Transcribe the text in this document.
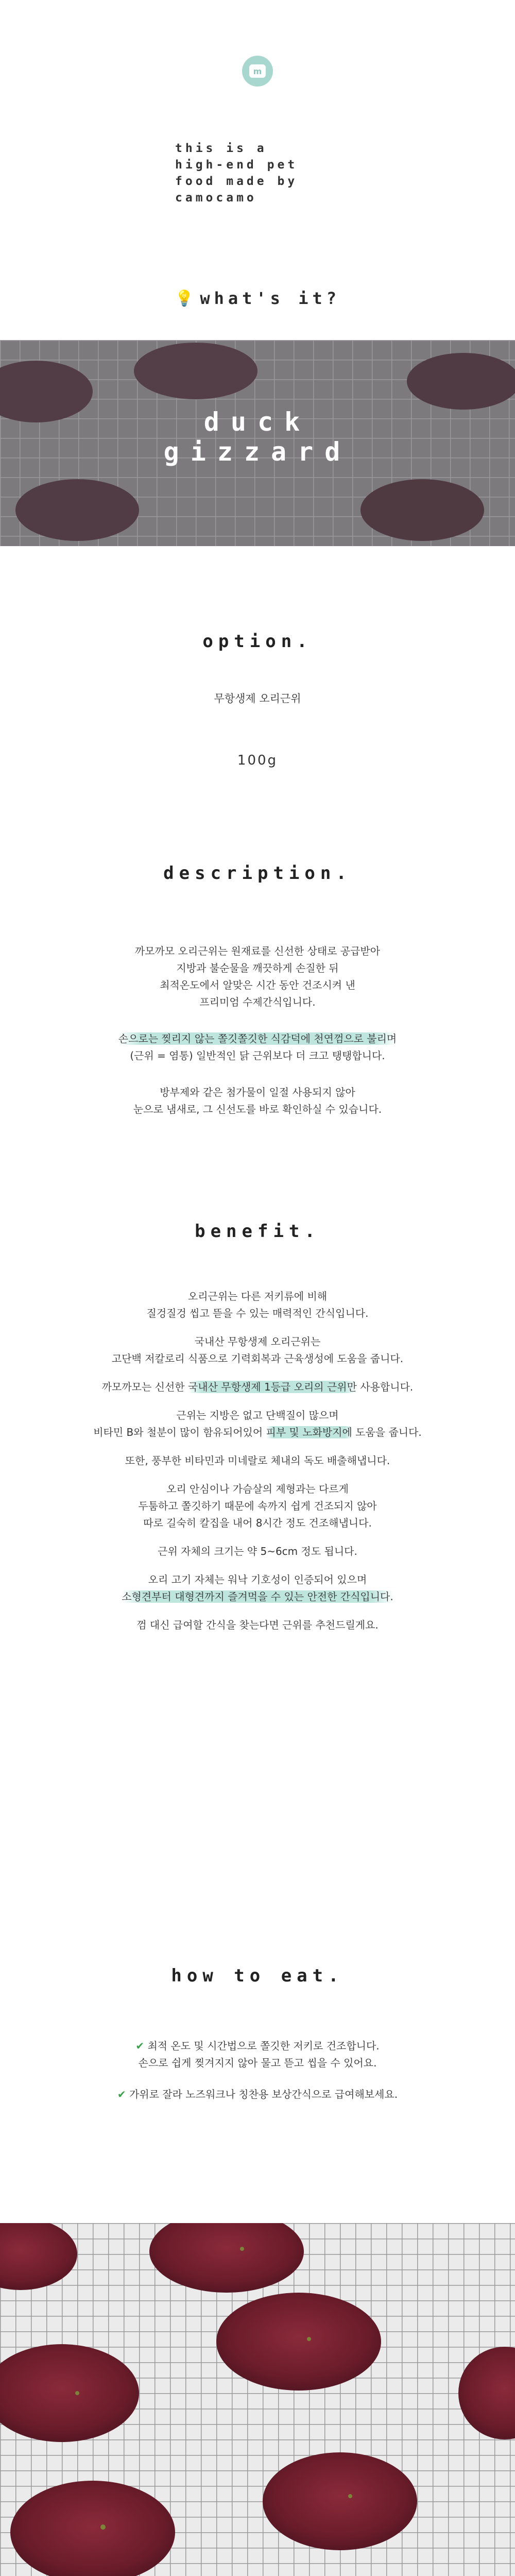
m
this is a
high-end pet
food made by
camocamo
💡 what's it?
duck
gizzard
option.
무항생제 오리근위
100g
description.

까모까모 오리근위는 원재료를 신선한 상태로 공급받아

지방과 불순물을 깨끗하게 손질한 뒤

최적온도에서 알맞은 시간 동안 건조시켜 낸

프리미엄 수제간식입니다.

손으로는 찢리지 않는 쫄깃쫄깃한 식감덕에 천연껌으로 불리며

(근위 = 염통) 일반적인 닭 근위보다 더 크고 탱탱합니다.

방부제와 같은 첨가물이 일절 사용되지 않아

눈으로 냄새로, 그 신선도를 바로 확인하실 수 있습니다.

benefit.

오리근위는 다른 저키류에 비해

질겅질겅 씹고 뜯을 수 있는 매력적인 간식입니다.

국내산 무항생제 오리근위는

고단백 저칼로리 식품으로 기력회복과 근육생성에 도움을 줍니다.

까모까모는 신선한 국내산 무항생제 1등급 오리의 근위만 사용합니다.

근위는 지방은 없고 단백질이 많으며

비타민 B와 철분이 많이 함유되어있어 피부 및 노화방지에 도움을 줍니다.

또한, 풍부한 비타민과 미네랄로 체내의 독도 배출해냅니다.

오리 안심이나 가슴살의 제형과는 다르게

두툼하고 쫄깃하기 때문에 속까지 쉽게 건조되지 않아

따로 길숙히 칼집을 내어 8시간 정도 건조해냅니다.

근위 자체의 크기는 약 5~6cm 정도 됩니다.

오리 고기 자체는 워낙 기호성이 인증되어 있으며

소형견부터 대형견까지 즐겨먹을 수 있는 안전한 간식입니다.

껌 대신 급여할 간식을 찾는다면 근위를 추천드릴게요.

how to eat.

✔ 최적 온도 및 시간법으로 쫄깃한 저키로 건조합니다.

손으로 쉽게 찢겨지지 않아 물고 뜯고 씹을 수 있어요.

✔ 가위로 잘라 노즈워크나 칭찬용 보상간식으로 급여해보세요.
